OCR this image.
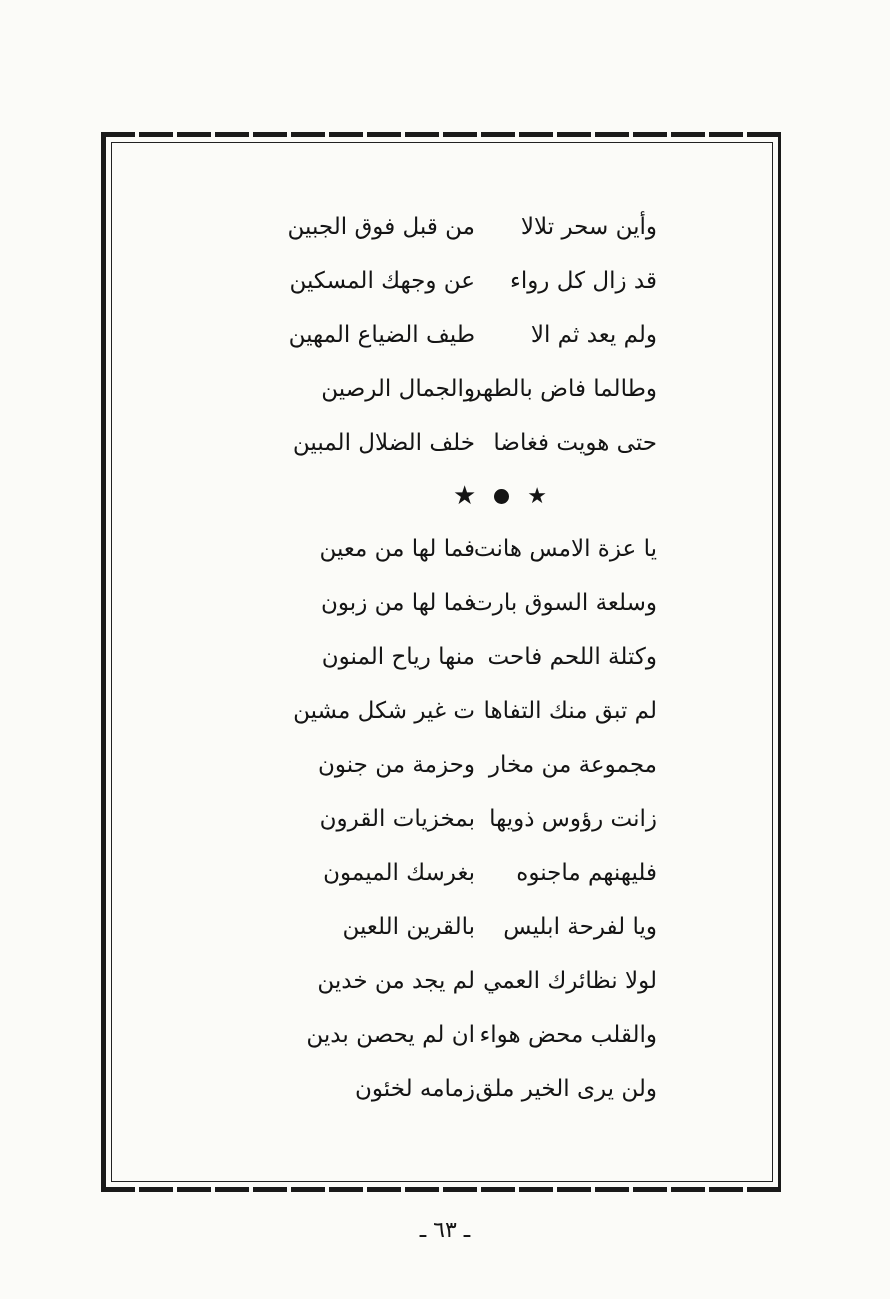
وأين سحر تلالا
من قبل فوق الجبين
قد زال كل رواء
عن وجهك المسكين
ولم يعد ثم الا
طيف الضياع المهين
وطالما فاض بالطهر
والجمال الرصين
حتى هويت فغاضا
خلف الضلال المبين
★ ★
يا عزة الامس هانت
فما لها من معين
وسلعة السوق بارت
فما لها من زبون
وكتلة اللحم فاحت
منها رياح المنون
لم تبق منك التفاها
ت غير شكل مشين
مجموعة من مخار
وحزمة من جنون
زانت رؤوس ذويها
بمخزيات القرون
فليهنهم ماجنوه
بغرسك الميمون
ويا لفرحة ابليس
بالقرين اللعين
لولا نظائرك العمي
لم يجد من خدين
والقلب محض هواء
ان لم يحصن بدين
ولن يرى الخير ملق
زمامه لخئون
ـ ٦٣ ـ
